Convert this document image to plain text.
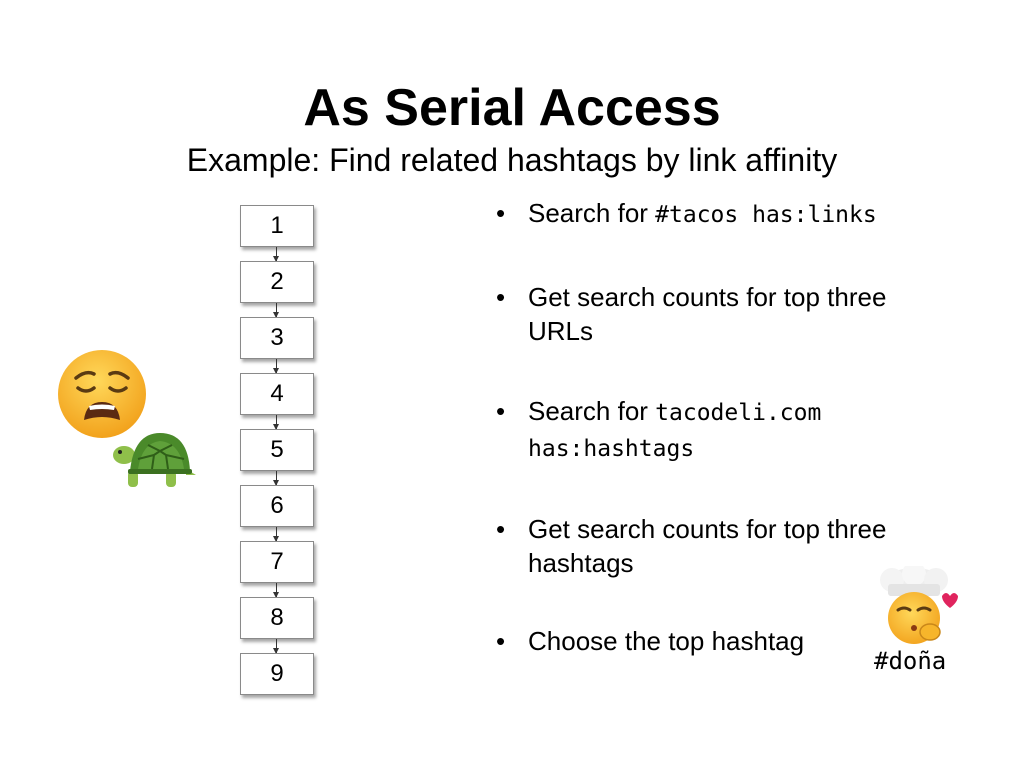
As Serial Access
Example: Find related hashtags by link affinity
1
2
3
4
5
6
7
8
9
• Search for #tacos has:links
• Get search counts for top three URLs
• Search for tacodeli.com has:hashtags
• Get search counts for top three hashtags
• Choose the top hashtag
#doña
